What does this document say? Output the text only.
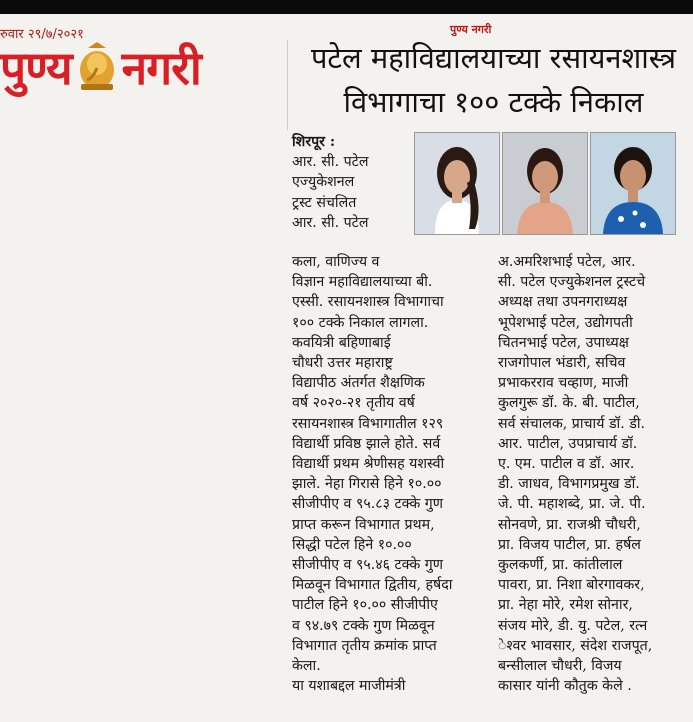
रुवार २९/७/२०२१
पुण्य नगरी
पुण्य नगरी
पटेल महाविद्यालयाच्या रसायनशास्त्र
विभागाचा १०० टक्के निकाल
शिरपूर :
आर. सी. पटेल
एज्युकेशनल
ट्रस्ट संचलित
आर. सी. पटेल
कला, वाणिज्य व
विज्ञान महाविद्यालयाच्या बी.
एस्सी. रसायनशास्त्र विभागाचा
१०० टक्के निकाल लागला.
कवयित्री बहिणाबाई
चौधरी उत्तर महाराष्ट्र
विद्यापीठ अंतर्गत शैक्षणिक
वर्ष २०२०-२१ तृतीय वर्ष
रसायनशास्त्र विभागातील १२९
विद्यार्थी प्रविष्ठ झाले होते. सर्व
विद्यार्थी प्रथम श्रेणीसह यशस्वी
झाले. नेहा गिरासे हिने १०.००
सीजीपीए व ९५.८३ टक्के गुण
प्राप्त करून विभागात प्रथम,
सिद्धी पटेल हिने १०.००
सीजीपीए व ९५.४६ टक्के गुण
मिळवून विभागात द्वितीय, हर्षदा
पाटील हिने १०.०० सीजीपीए
व ९४.७९ टक्के गुण मिळवून
विभागात तृतीय क्रमांक प्राप्त
केला.
या यशाबद्दल माजीमंत्री
अ.अमरिशभाई पटेल, आर.
सी. पटेल एज्युकेशनल ट्रस्टचे
अध्यक्ष तथा उपनगराध्यक्ष
भूपेशभाई पटेल, उद्योगपती
चितनभाई पटेल, उपाध्यक्ष
राजगोपाल भंडारी, सचिव
प्रभाकरराव चव्हाण, माजी
कुलगुरू डॉ. के. बी. पाटील,
सर्व संचालक, प्राचार्य डॉ. डी.
आर. पाटील, उपप्राचार्य डॉ.
ए. एम. पाटील व डॉ. आर.
डी. जाधव, विभागप्रमुख डॉ.
जे. पी. महाशब्दे, प्रा. जे. पी.
सोनवणे, प्रा. राजश्री चौधरी,
प्रा. विजय पाटील, प्रा. हर्षल
कुलकर्णी, प्रा. कांतीलाल
पावरा, प्रा. निशा बोरगावकर,
प्रा. नेहा मोरे, रमेश सोनार,
संजय मोरे, डी. यु. पटेल, रत्न
ेश्वर भावसार, संदेश राजपूत,
बन्सीलाल चौधरी, विजय
कासार यांनी कौतुक केले .
